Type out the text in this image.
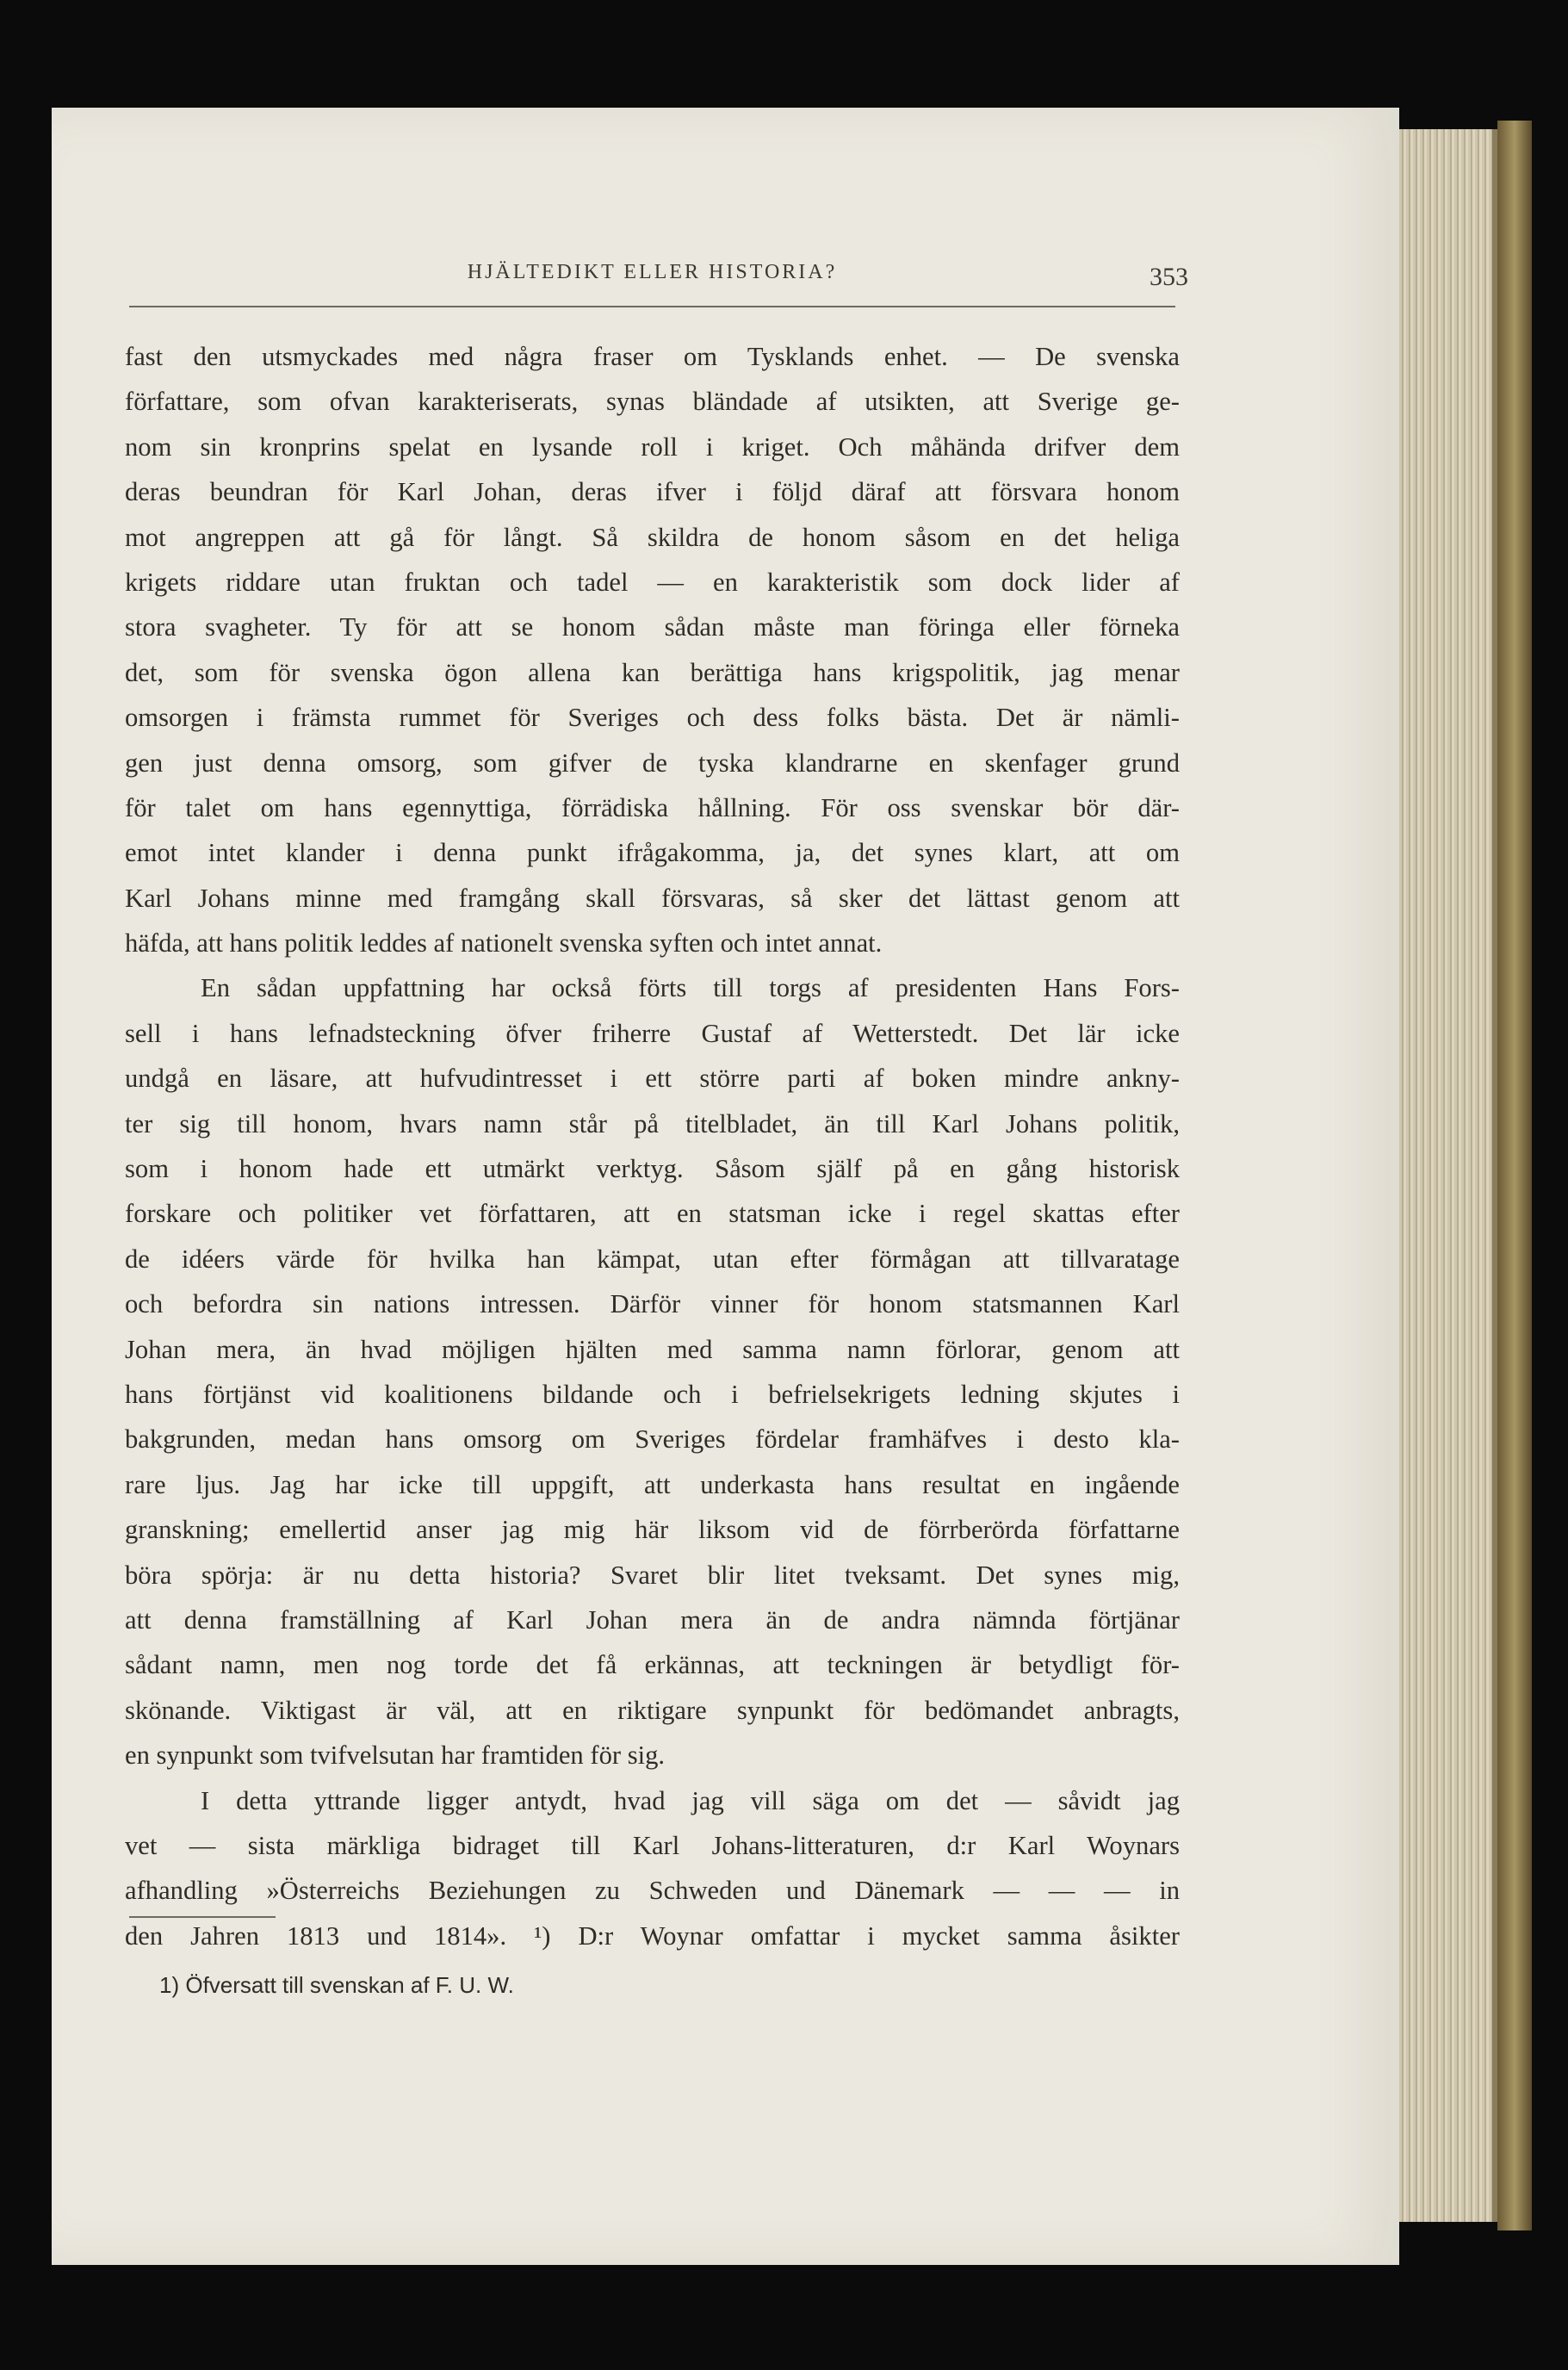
HJÄLTEDIKT ELLER HISTORIA?	353
fast den utsmyckades med några fraser om Tysklands enhet. — De svenska
författare, som ofvan karakteriserats, synas bländade af utsikten, att Sverige ge-
nom sin kronprins spelat en lysande roll i kriget. Och måhända drifver dem
deras beundran för Karl Johan, deras ifver i följd däraf att försvara honom
mot angreppen att gå för långt. Så skildra de honom såsom en det heliga
krigets riddare utan fruktan och tadel — en karakteristik som dock lider af
stora svagheter. Ty för att se honom sådan måste man föringa eller förneka
det, som för svenska ögon allena kan berättiga hans krigspolitik, jag menar
omsorgen i främsta rummet för Sveriges och dess folks bästa. Det är nämli-
gen just denna omsorg, som gifver de tyska klandrarne en skenfager grund
för talet om hans egennyttiga, förrädiska hållning. För oss svenskar bör där-
emot intet klander i denna punkt ifrågakomma, ja, det synes klart, att om
Karl Johans minne med framgång skall försvaras, så sker det lättast genom att
häfda, att hans politik leddes af nationelt svenska syften och intet annat.
En sådan uppfattning har också förts till torgs af presidenten Hans Fors-
sell i hans lefnadsteckning öfver friherre Gustaf af Wetterstedt. Det lär icke
undgå en läsare, att hufvudintresset i ett större parti af boken mindre ankny-
ter sig till honom, hvars namn står på titelbladet, än till Karl Johans politik,
som i honom hade ett utmärkt verktyg. Såsom själf på en gång historisk
forskare och politiker vet författaren, att en statsman icke i regel skattas efter
de idéers värde för hvilka han kämpat, utan efter förmågan att tillvaratage
och befordra sin nations intressen. Därför vinner för honom statsmannen Karl
Johan mera, än hvad möjligen hjälten med samma namn förlorar, genom att
hans förtjänst vid koalitionens bildande och i befrielsekrigets ledning skjutes i
bakgrunden, medan hans omsorg om Sveriges fördelar framhäfves i desto kla-
rare ljus. Jag har icke till uppgift, att underkasta hans resultat en ingående
granskning; emellertid anser jag mig här liksom vid de förrberörda författarne
böra spörja: är nu detta historia? Svaret blir litet tveksamt. Det synes mig,
att denna framställning af Karl Johan mera än de andra nämnda förtjänar
sådant namn, men nog torde det få erkännas, att teckningen är betydligt för-
skönande. Viktigast är väl, att en riktigare synpunkt för bedömandet anbragts,
en synpunkt som tvifvelsutan har framtiden för sig.
I detta yttrande ligger antydt, hvad jag vill säga om det — såvidt jag
vet — sista märkliga bidraget till Karl Johans-litteraturen, d:r Karl Woynars
afhandling »Österreichs Beziehungen zu Schweden und Dänemark — — — in
den Jahren 1813 und 1814». ¹) D:r Woynar omfattar i mycket samma åsikter
1) Öfversatt till svenskan af F. U. W.
